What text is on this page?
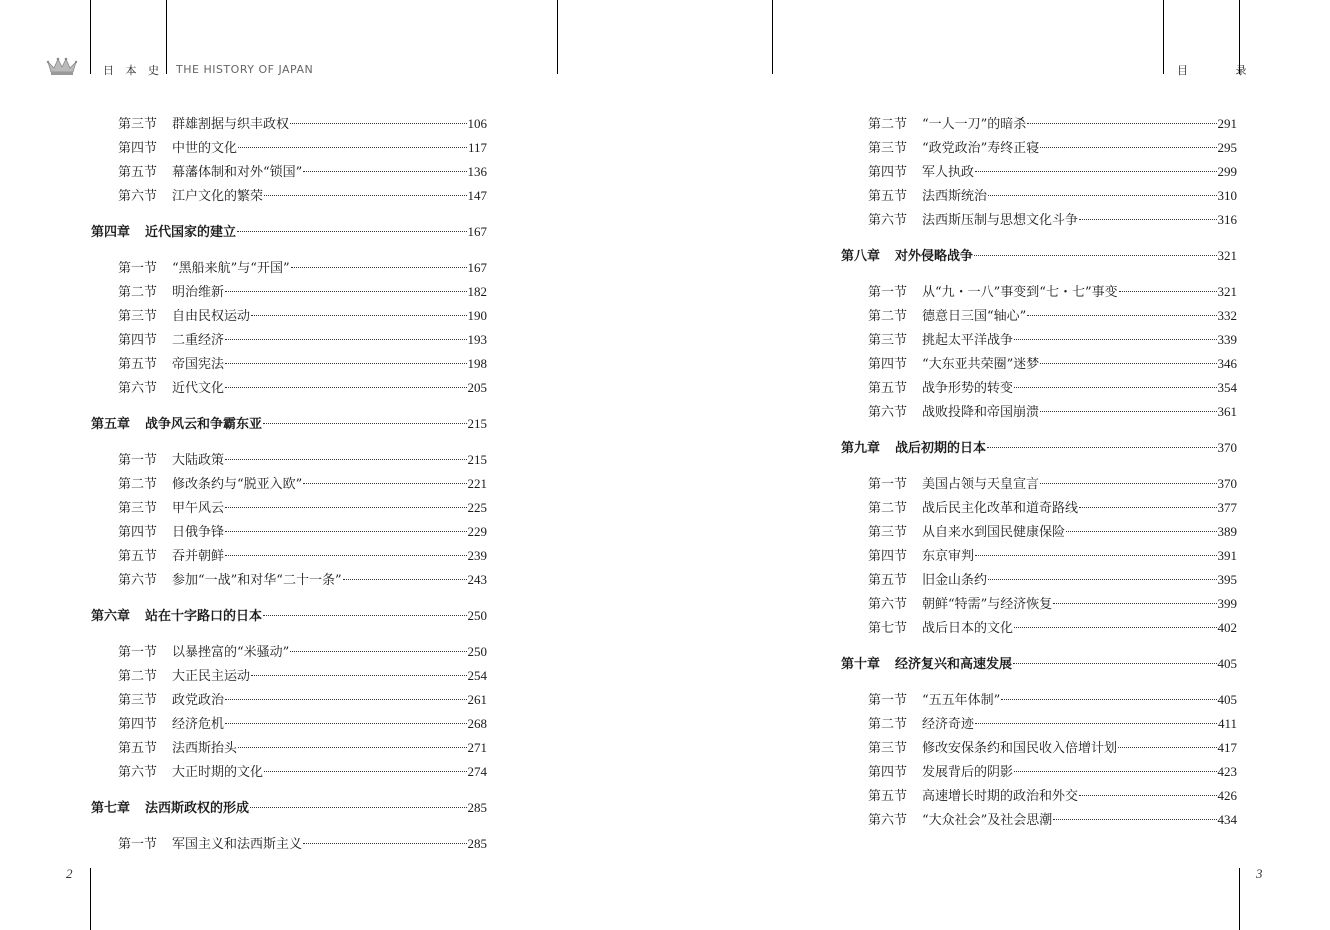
日 本 史 THE HISTORY OF JAPAN	目 录
2	3
第三节	群雄割据与织丰政权	106
第四节	中世的文化	117
第五节	幕藩体制和对外“锁国”	136
第六节	江户文化的繁荣	147
第四章	近代国家的建立	167
第一节	“黑船来航”与“开国”	167
第二节	明治维新	182
第三节	自由民权运动	190
第四节	二重经济	193
第五节	帝国宪法	198
第六节	近代文化	205
第五章	战争风云和争霸东亚	215
第一节	大陆政策	215
第二节	修改条约与“脱亚入欧”	221
第三节	甲午风云	225
第四节	日俄争锋	229
第五节	吞并朝鲜	239
第六节	参加“一战”和对华“二十一条”	243
第六章	站在十字路口的日本	250
第一节	以暴挫富的“米骚动”	250
第二节	大正民主运动	254
第三节	政党政治	261
第四节	经济危机	268
第五节	法西斯抬头	271
第六节	大正时期的文化	274
第七章	法西斯政权的形成	285
第一节	军国主义和法西斯主义	285
第二节	“一人一刀”的暗杀	291
第三节	“政党政治”寿终正寝	295
第四节	军人执政	299
第五节	法西斯统治	310
第六节	法西斯压制与思想文化斗争	316
第八章	对外侵略战争	321
第一节	从“九・一八”事变到“七・七”事变	321
第二节	德意日三国“轴心”	332
第三节	挑起太平洋战争	339
第四节	“大东亚共荣圈”迷梦	346
第五节	战争形势的转变	354
第六节	战败投降和帝国崩溃	361
第九章	战后初期的日本	370
第一节	美国占领与天皇宣言	370
第二节	战后民主化改革和道奇路线	377
第三节	从自来水到国民健康保险	389
第四节	东京审判	391
第五节	旧金山条约	395
第六节	朝鲜“特需”与经济恢复	399
第七节	战后日本的文化	402
第十章	经济复兴和高速发展	405
第一节	“五五年体制”	405
第二节	经济奇迹	411
第三节	修改安保条约和国民收入倍增计划	417
第四节	发展背后的阴影	423
第五节	高速增长时期的政治和外交	426
第六节	“大众社会”及社会思潮	434
